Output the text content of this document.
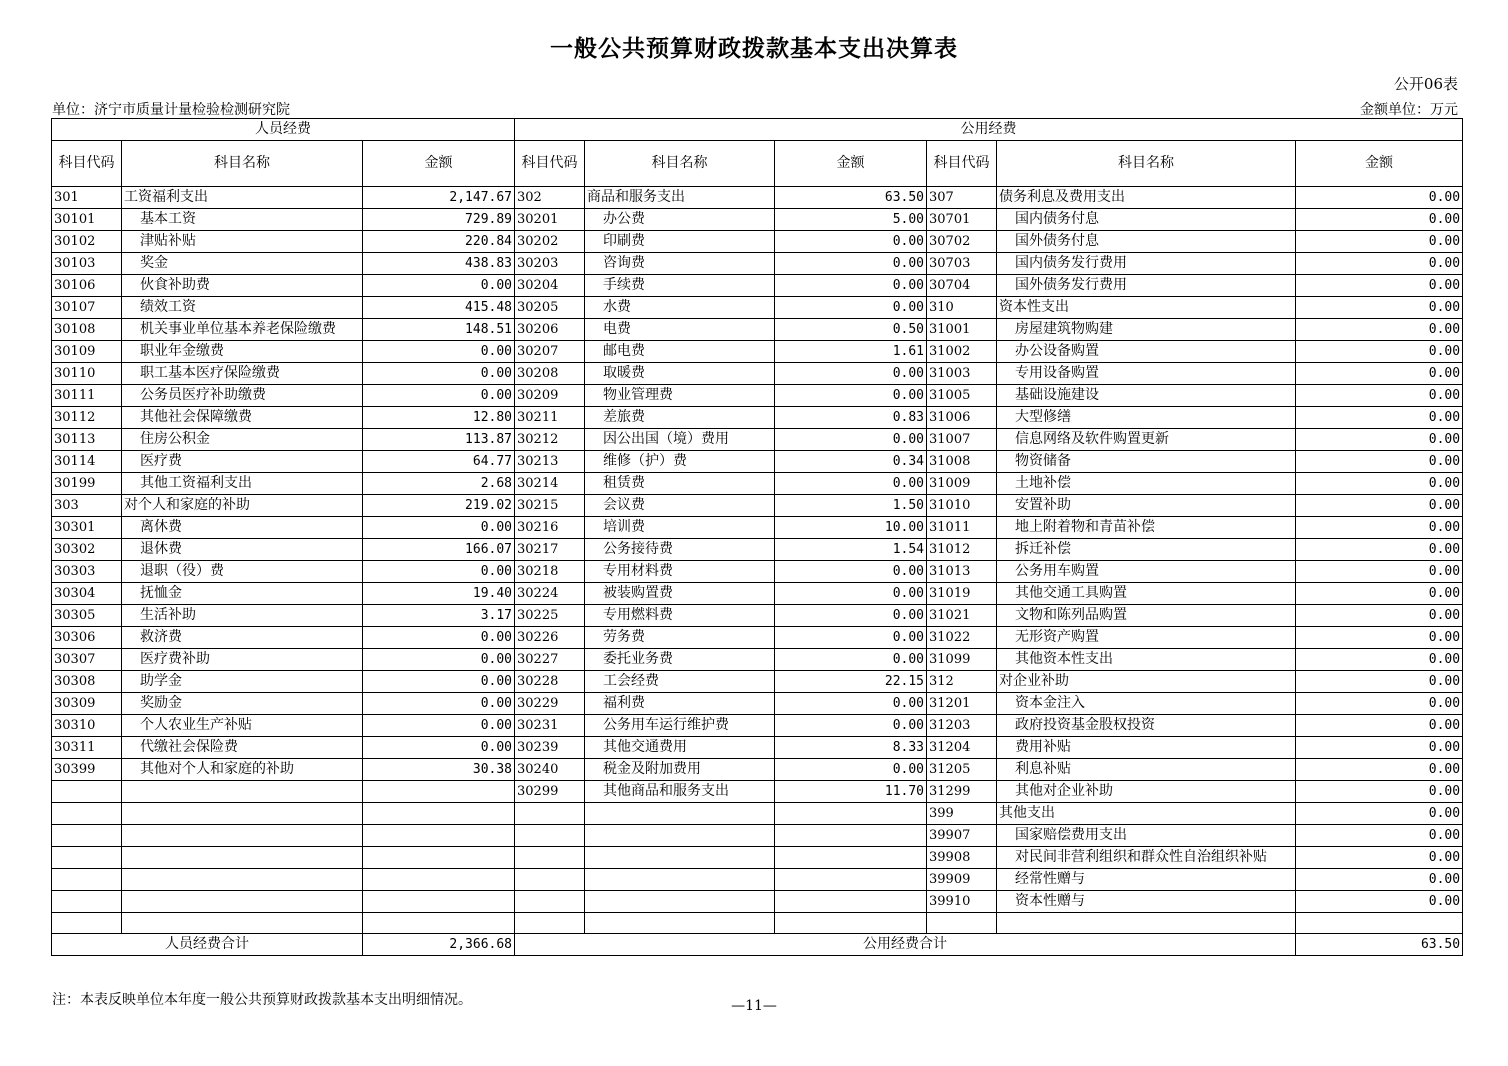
一般公共预算财政拨款基本支出决算表
公开06表
单位：济宁市质量计量检验检测研究院	金额单位：万元
人员经费			公用经费					
科目代码	科目名称	金额	科目代码	科目名称	金额	科目代码	科目名称	金额
301	工资福利支出	2,147.67	302	商品和服务支出	63.50	307	债务利息及费用支出	0.00
30101	基本工资	729.89	30201	办公费	5.00	30701	国内债务付息	0.00
30102	津贴补贴	220.84	30202	印刷费	0.00	30702	国外债务付息	0.00
30103	奖金	438.83	30203	咨询费	0.00	30703	国内债务发行费用	0.00
30106	伙食补助费	0.00	30204	手续费	0.00	30704	国外债务发行费用	0.00
30107	绩效工资	415.48	30205	水费	0.00	310	资本性支出	0.00
30108	机关事业单位基本养老保险缴费	148.51	30206	电费	0.50	31001	房屋建筑物购建	0.00
30109	职业年金缴费	0.00	30207	邮电费	1.61	31002	办公设备购置	0.00
30110	职工基本医疗保险缴费	0.00	30208	取暖费	0.00	31003	专用设备购置	0.00
30111	公务员医疗补助缴费	0.00	30209	物业管理费	0.00	31005	基础设施建设	0.00
30112	其他社会保障缴费	12.80	30211	差旅费	0.83	31006	大型修缮	0.00
30113	住房公积金	113.87	30212	因公出国（境）费用	0.00	31007	信息网络及软件购置更新	0.00
30114	医疗费	64.77	30213	维修（护）费	0.34	31008	物资储备	0.00
30199	其他工资福利支出	2.68	30214	租赁费	0.00	31009	土地补偿	0.00
303	对个人和家庭的补助	219.02	30215	会议费	1.50	31010	安置补助	0.00
30301	离休费	0.00	30216	培训费	10.00	31011	地上附着物和青苗补偿	0.00
30302	退休费	166.07	30217	公务接待费	1.54	31012	拆迁补偿	0.00
30303	退职（役）费	0.00	30218	专用材料费	0.00	31013	公务用车购置	0.00
30304	抚恤金	19.40	30224	被装购置费	0.00	31019	其他交通工具购置	0.00
30305	生活补助	3.17	30225	专用燃料费	0.00	31021	文物和陈列品购置	0.00
30306	救济费	0.00	30226	劳务费	0.00	31022	无形资产购置	0.00
30307	医疗费补助	0.00	30227	委托业务费	0.00	31099	其他资本性支出	0.00
30308	助学金	0.00	30228	工会经费	22.15	312	对企业补助	0.00
30309	奖励金	0.00	30229	福利费	0.00	31201	资本金注入	0.00
30310	个人农业生产补贴	0.00	30231	公务用车运行维护费	0.00	31203	政府投资基金股权投资	0.00
30311	代缴社会保险费	0.00	30239	其他交通费用	8.33	31204	费用补贴	0.00
30399	其他对个人和家庭的补助	30.38	30240	税金及附加费用	0.00	31205	利息补贴	0.00
			30299	其他商品和服务支出	11.70	31299	其他对企业补助	0.00
						399	其他支出	0.00
						39907	国家赔偿费用支出	0.00
						39908	对民间非营利组织和群众性自治组织补贴	0.00
						39909	经常性赠与	0.00
						39910	资本性赠与	0.00

人员经费合计		2,366.68	公用经费合计					63.50
注：本表反映单位本年度一般公共预算财政拨款基本支出明细情况。	—11—
